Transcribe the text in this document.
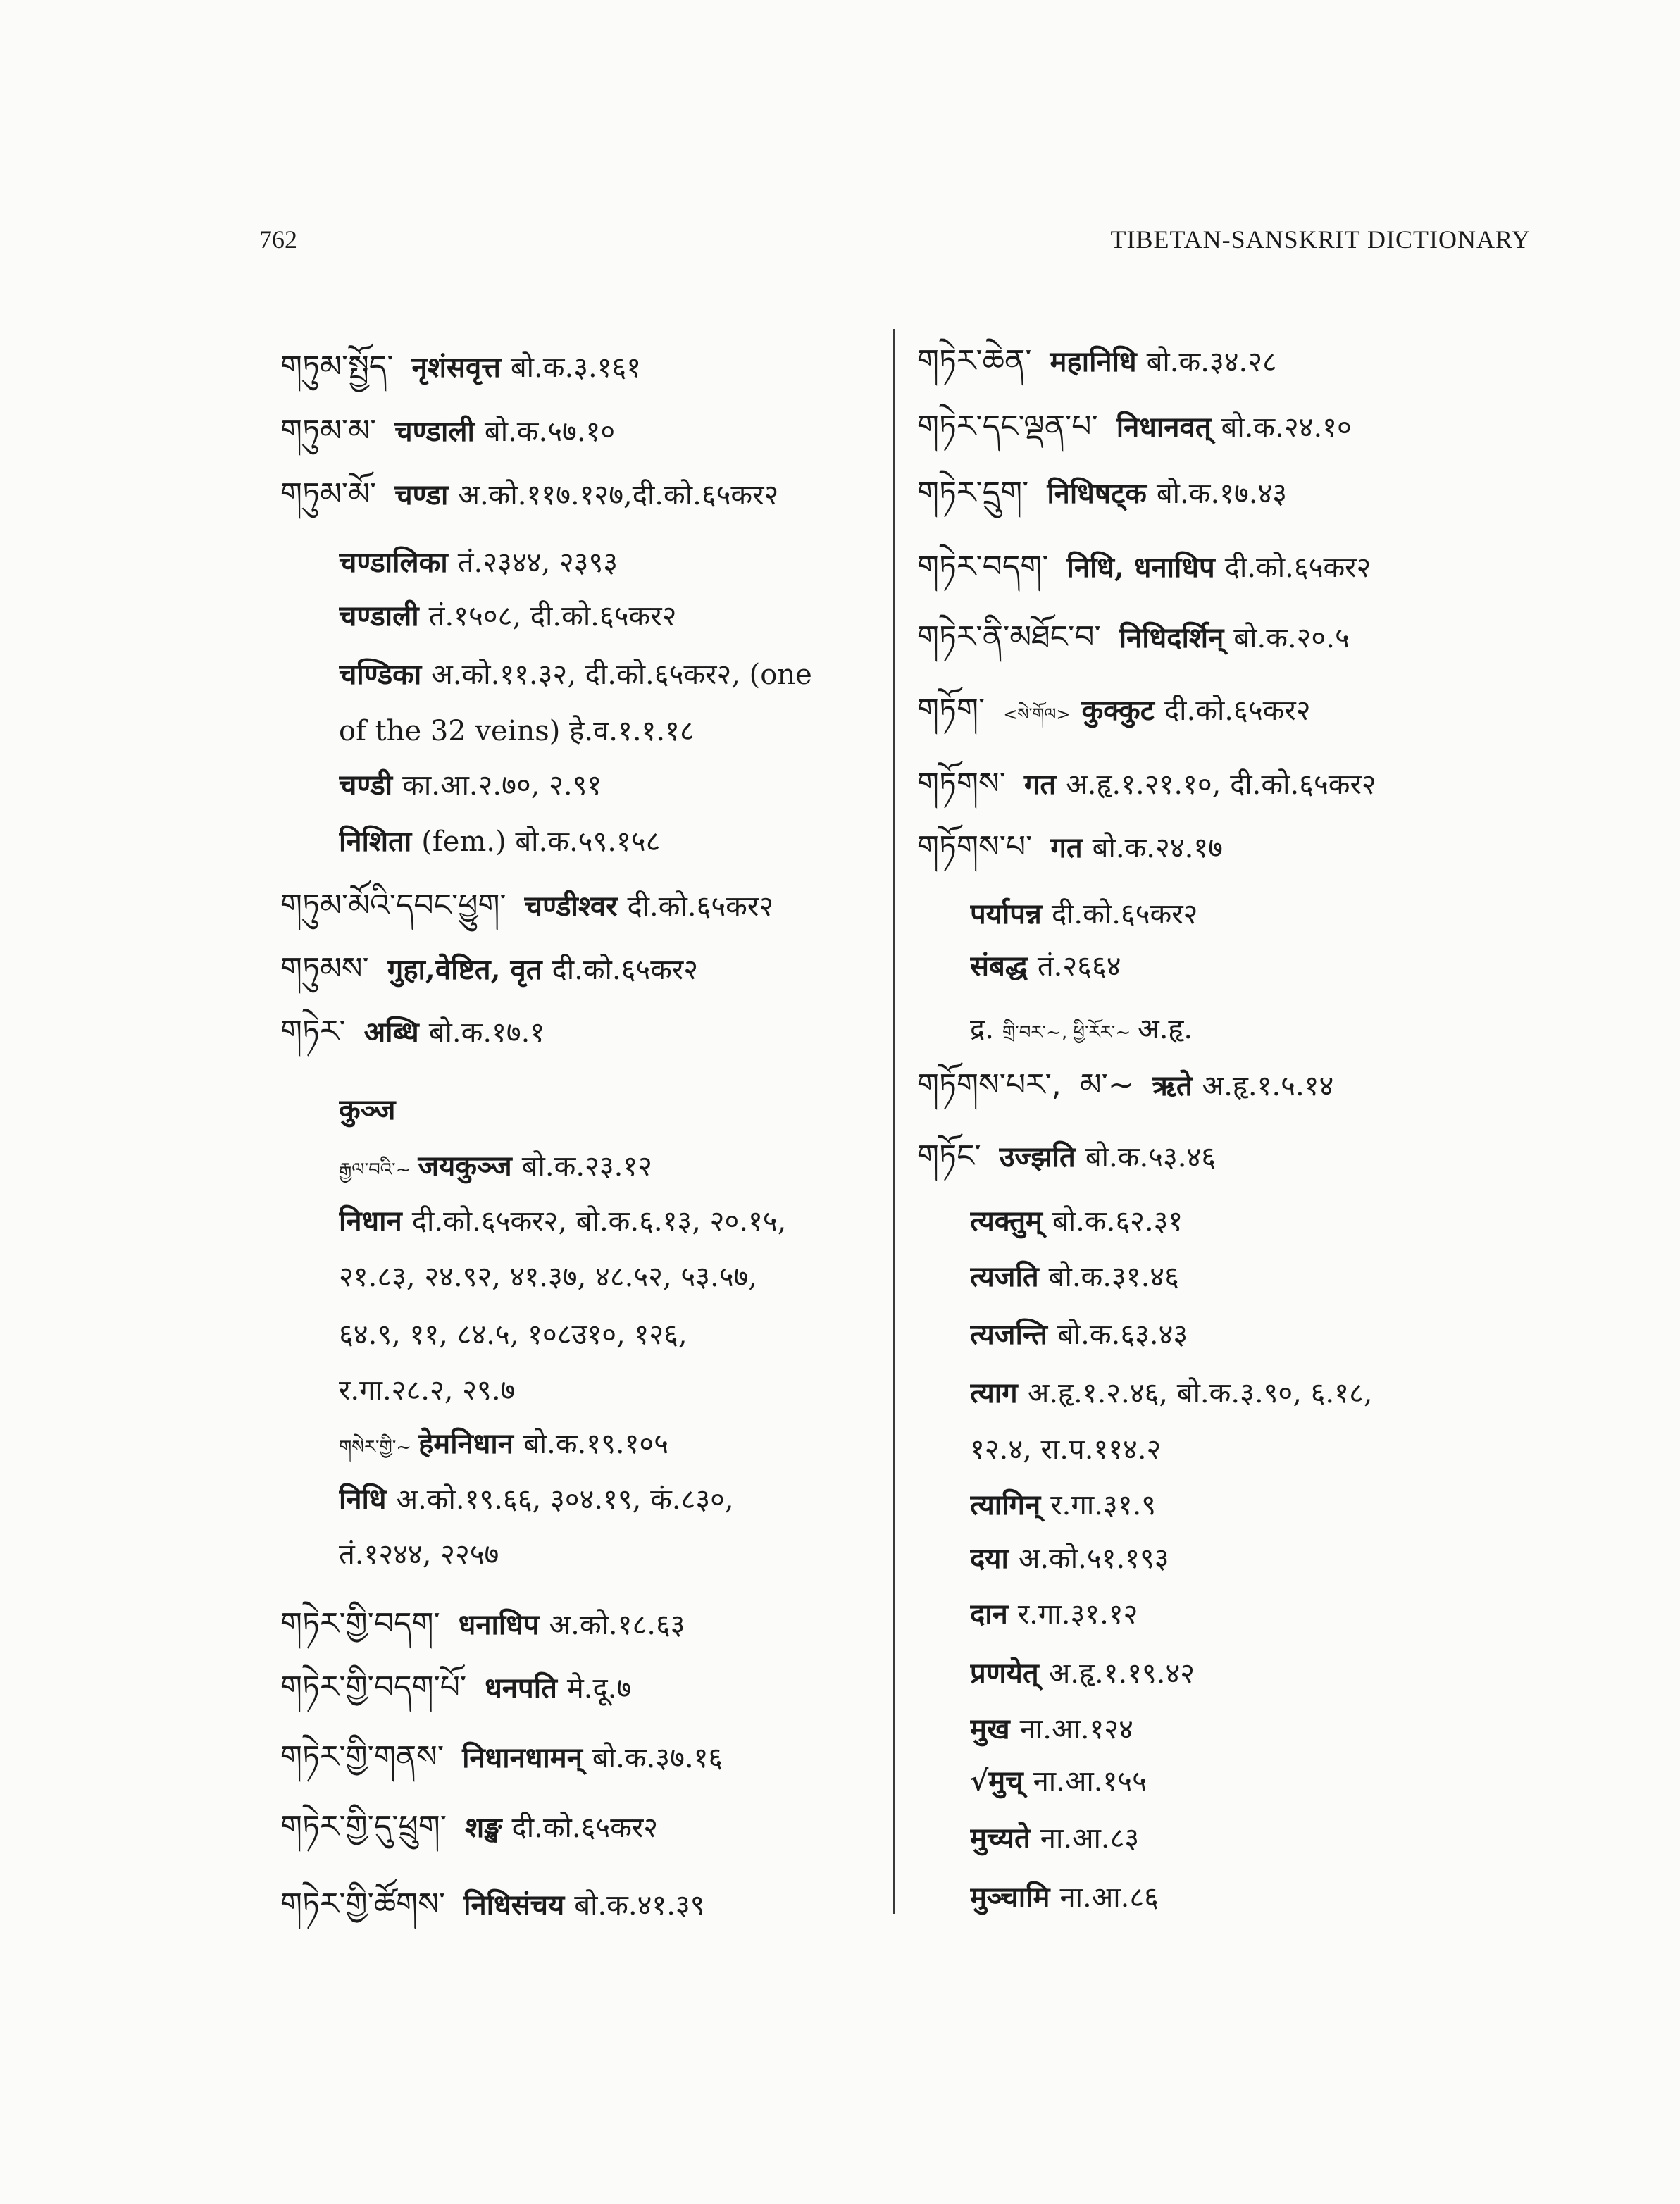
762	TIBETAN-SANSKRIT DICTIONARY
གཏུམ་སྤྱོད་ नृशंसवृत्त बो.क.३.१६१
གཏུམ་མ་ चण्डाली बो.क.५७.१०
གཏུམ་མོ་ चण्डा अ.को.११७.१२७,दी.को.६५कर२
चण्डालिका तं.२३४४, २३९३
चण्डाली तं.१५०८, दी.को.६५कर२
चण्डिका अ.को.११.३२, दी.को.६५कर२, (one
of the 32 veins) हे.व.१.१.१८
चण्डी का.आ.२.७०, २.९१
निशिता (fem.) बो.क.५९.१५८
གཏུམ་མོའི་དབང་ཕྱུག་ चण्डीश्वर दी.को.६५कर२
གཏུམས་ गुहा,वेष्टित, वृत दी.को.६५कर२
གཏེར་ अब्धि बो.क.१७.१
कुञ्ज
རྒྱལ་བའི་~ जयकुञ्ज बो.क.२३.१२
निधान दी.को.६५कर२, बो.क.६.१३, २०.१५,
२१.८३, २४.९२, ४१.३७, ४८.५२, ५३.५७,
६४.९, ११, ८४.५, १०८उ१०, १२६,
र.गा.२८.२, २९.७
གསེར་གྱི་~ हेमनिधान बो.क.१९.१०५
निधि अ.को.१९.६६, ३०४.१९, कं.८३०,
तं.१२४४, २२५७
གཏེར་གྱི་བདག་ धनाधिप अ.को.१८.६३
གཏེར་གྱི་བདག་པོ་ धनपति मे.दू.७
གཏེར་གྱི་གནས་ निधानधामन् बो.क.३७.१६
གཏེར་གྱི་དུ་ཕྲུག་ शङ्ख दी.को.६५कर२
གཏེར་གྱི་ཚོགས་ निधिसंचय बो.क.४१.३९
གཏེར་ཆེན་ महानिधि बो.क.३४.२८
གཏེར་དང་ལྡན་པ་ निधानवत् बो.क.२४.१०
གཏེར་དྲུག་ निधिषट्क बो.क.१७.४३
གཏེར་བདག་ निधि, धनाधिप दी.को.६५कर२
གཏེར་ནི་མཐོང་བ་ निधिदर्शिन् बो.क.२०.५
གཏོག་ <སེ་གོལ> कुक्कुट दी.को.६५कर२
གཏོགས་ गत अ.हृ.१.२१.१०, दी.को.६५कर२
གཏོགས་པ་ गत बो.क.२४.१७
पर्यापन्न दी.को.६५कर२
संबद्ध तं.२६६४
द्र. གྲི་བར་~, ཕྱི་རོར་~ अ.हृ.
གཏོགས་པར་, མ་~ ऋते अ.हृ.१.५.१४
གཏོང་ उज्झति बो.क.५३.४६
त्यक्तुम् बो.क.६२.३१
त्यजति बो.क.३१.४६
त्यजन्ति बो.क.६३.४३
त्याग अ.हृ.१.२.४६, बो.क.३.९०, ६.१८,
१२.४, रा.प.११४.२
त्यागिन् र.गा.३१.९
दया अ.को.५१.१९३
दान र.गा.३१.१२
प्रणयेत् अ.हृ.१.१९.४२
मुख ना.आ.१२४
√मुच् ना.आ.१५५
मुच्यते ना.आ.८३
मुञ्चामि ना.आ.८६
